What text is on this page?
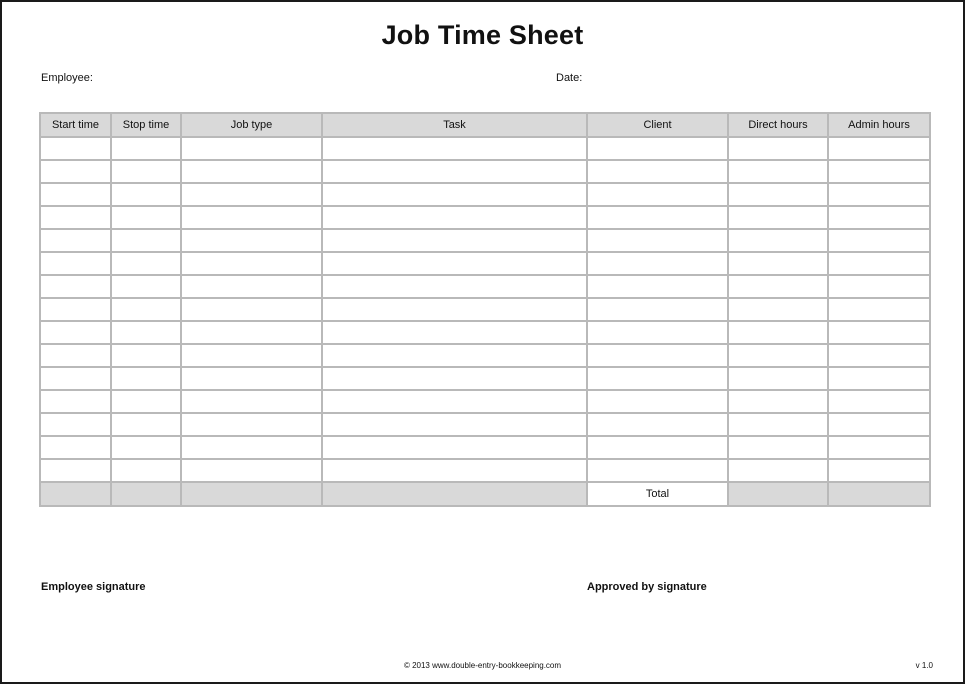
Job Time Sheet
Employee:	Date:
Start time	Stop time	Job type	Task	Client	Direct hours	Admin hours

				Total		
Employee signature	Approved by signature
© 2013 www.double-entry-bookkeeping.com	v 1.0
